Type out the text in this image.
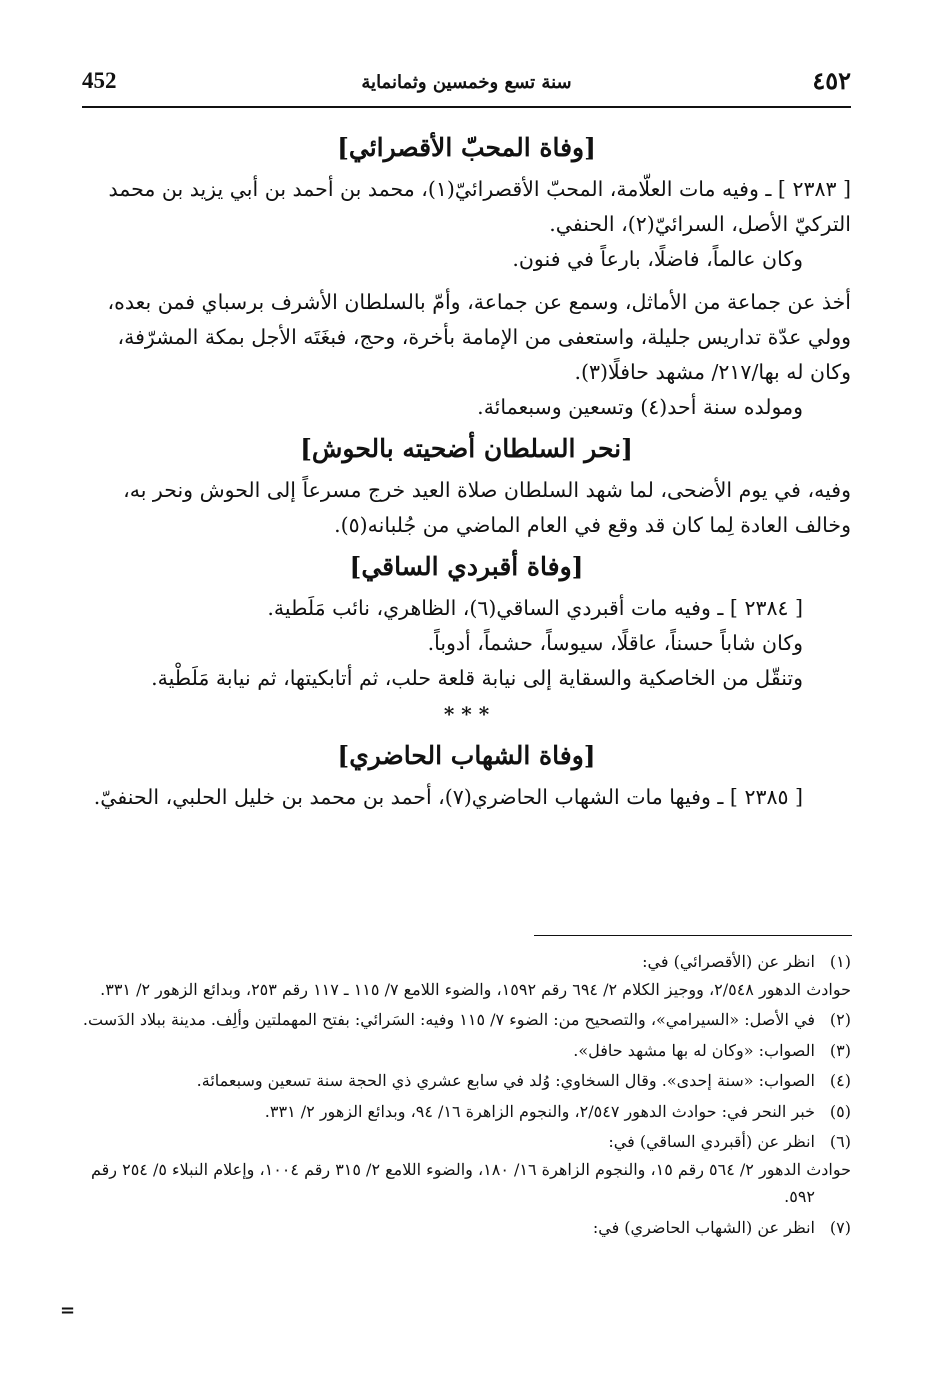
452	سنة تسع وخمسين وثمانماية	٤٥٢
[وفاة المحبّ الأقصرائي]

[ ٢٣٨٣ ] ـ وفيه مات العلّامة، المحبّ الأقصرائيّ(١)، محمد بن أحمد بن أبي يزيد بن محمد التركيّ الأصل، السرائيّ(٢)، الحنفي.

وكان عالماً، فاضلًا، بارعاً في فنون.

أخذ عن جماعة من الأماثل، وسمع عن جماعة، وأمّ بالسلطان الأشرف برسباي فمن بعده، وولي عدّة تداريس جليلة، واستعفى من الإمامة بأخرة، وحج، فبغَتَه الأجل بمكة المشرّفة، وكان له بها/٢١٧/ مشهد حافلًا(٣).

ومولده سنة أحد(٤) وتسعين وسبعمائة.

[نحر السلطان أضحيته بالحوش]

وفيه، في يوم الأضحى، لما شهد السلطان صلاة العيد خرج مسرعاً إلى الحوش ونحر به، وخالف العادة لِما كان قد وقع في العام الماضي من جُلبانه(٥).

[وفاة أقبردي الساقي]

[ ٢٣٨٤ ] ـ وفيه مات أقبردي الساقي(٦)، الظاهري، نائب مَلَطية.

وكان شاباً حسناً، عاقلًا، سيوساً، حشماً، أدوباً.

وتنقّل من الخاصكية والسقاية إلى نيابة قلعة حلب، ثم أتابكيتها، ثم نيابة مَلَطْية.

* * *
[وفاة الشهاب الحاضري]

[ ٢٣٨٥ ] ـ وفيها مات الشهاب الحاضري(٧)، أحمد بن محمد بن خليل الحلبي، الحنفيّ.

(١)
انظر عن (الأقصرائي) في:
حوادث الدهور ٢/٥٤٨، ووجيز الكلام ٢/ ٦٩٤ رقم ١٥٩٢، والضوء اللامع ٧/ ١١٥ ـ ١١٧ رقم ٢٥٣، وبدائع الزهور ٢/ ٣٣١.
(٢)
في الأصل: «السيرامي»، والتصحيح من: الضوء ٧/ ١١٥ وفيه: السَرائي: بفتح المهملتين وألِف. مدينة ببلاد الدَست.
(٣)
الصواب: «وكان له بها مشهد حافل».
(٤)
الصواب: «سنة إحدى». وقال السخاوي: وُلد في سابع عشري ذي الحجة سنة تسعين وسبعمائة.
(٥)
خبر النحر في: حوادث الدهور ٢/٥٤٧، والنجوم الزاهرة ١٦/ ٩٤، وبدائع الزهور ٢/ ٣٣١.
(٦)
انظر عن (أقبردي الساقي) في:
حوادث الدهور ٢/ ٥٦٤ رقم ١٥، والنجوم الزاهرة ١٦/ ١٨٠، والضوء اللامع ٢/ ٣١٥ رقم ١٠٠٤، وإعلام النبلاء ٥/ ٢٥٤ رقم ٥٩٢.
(٧)
انظر عن (الشهاب الحاضري) في:
=
